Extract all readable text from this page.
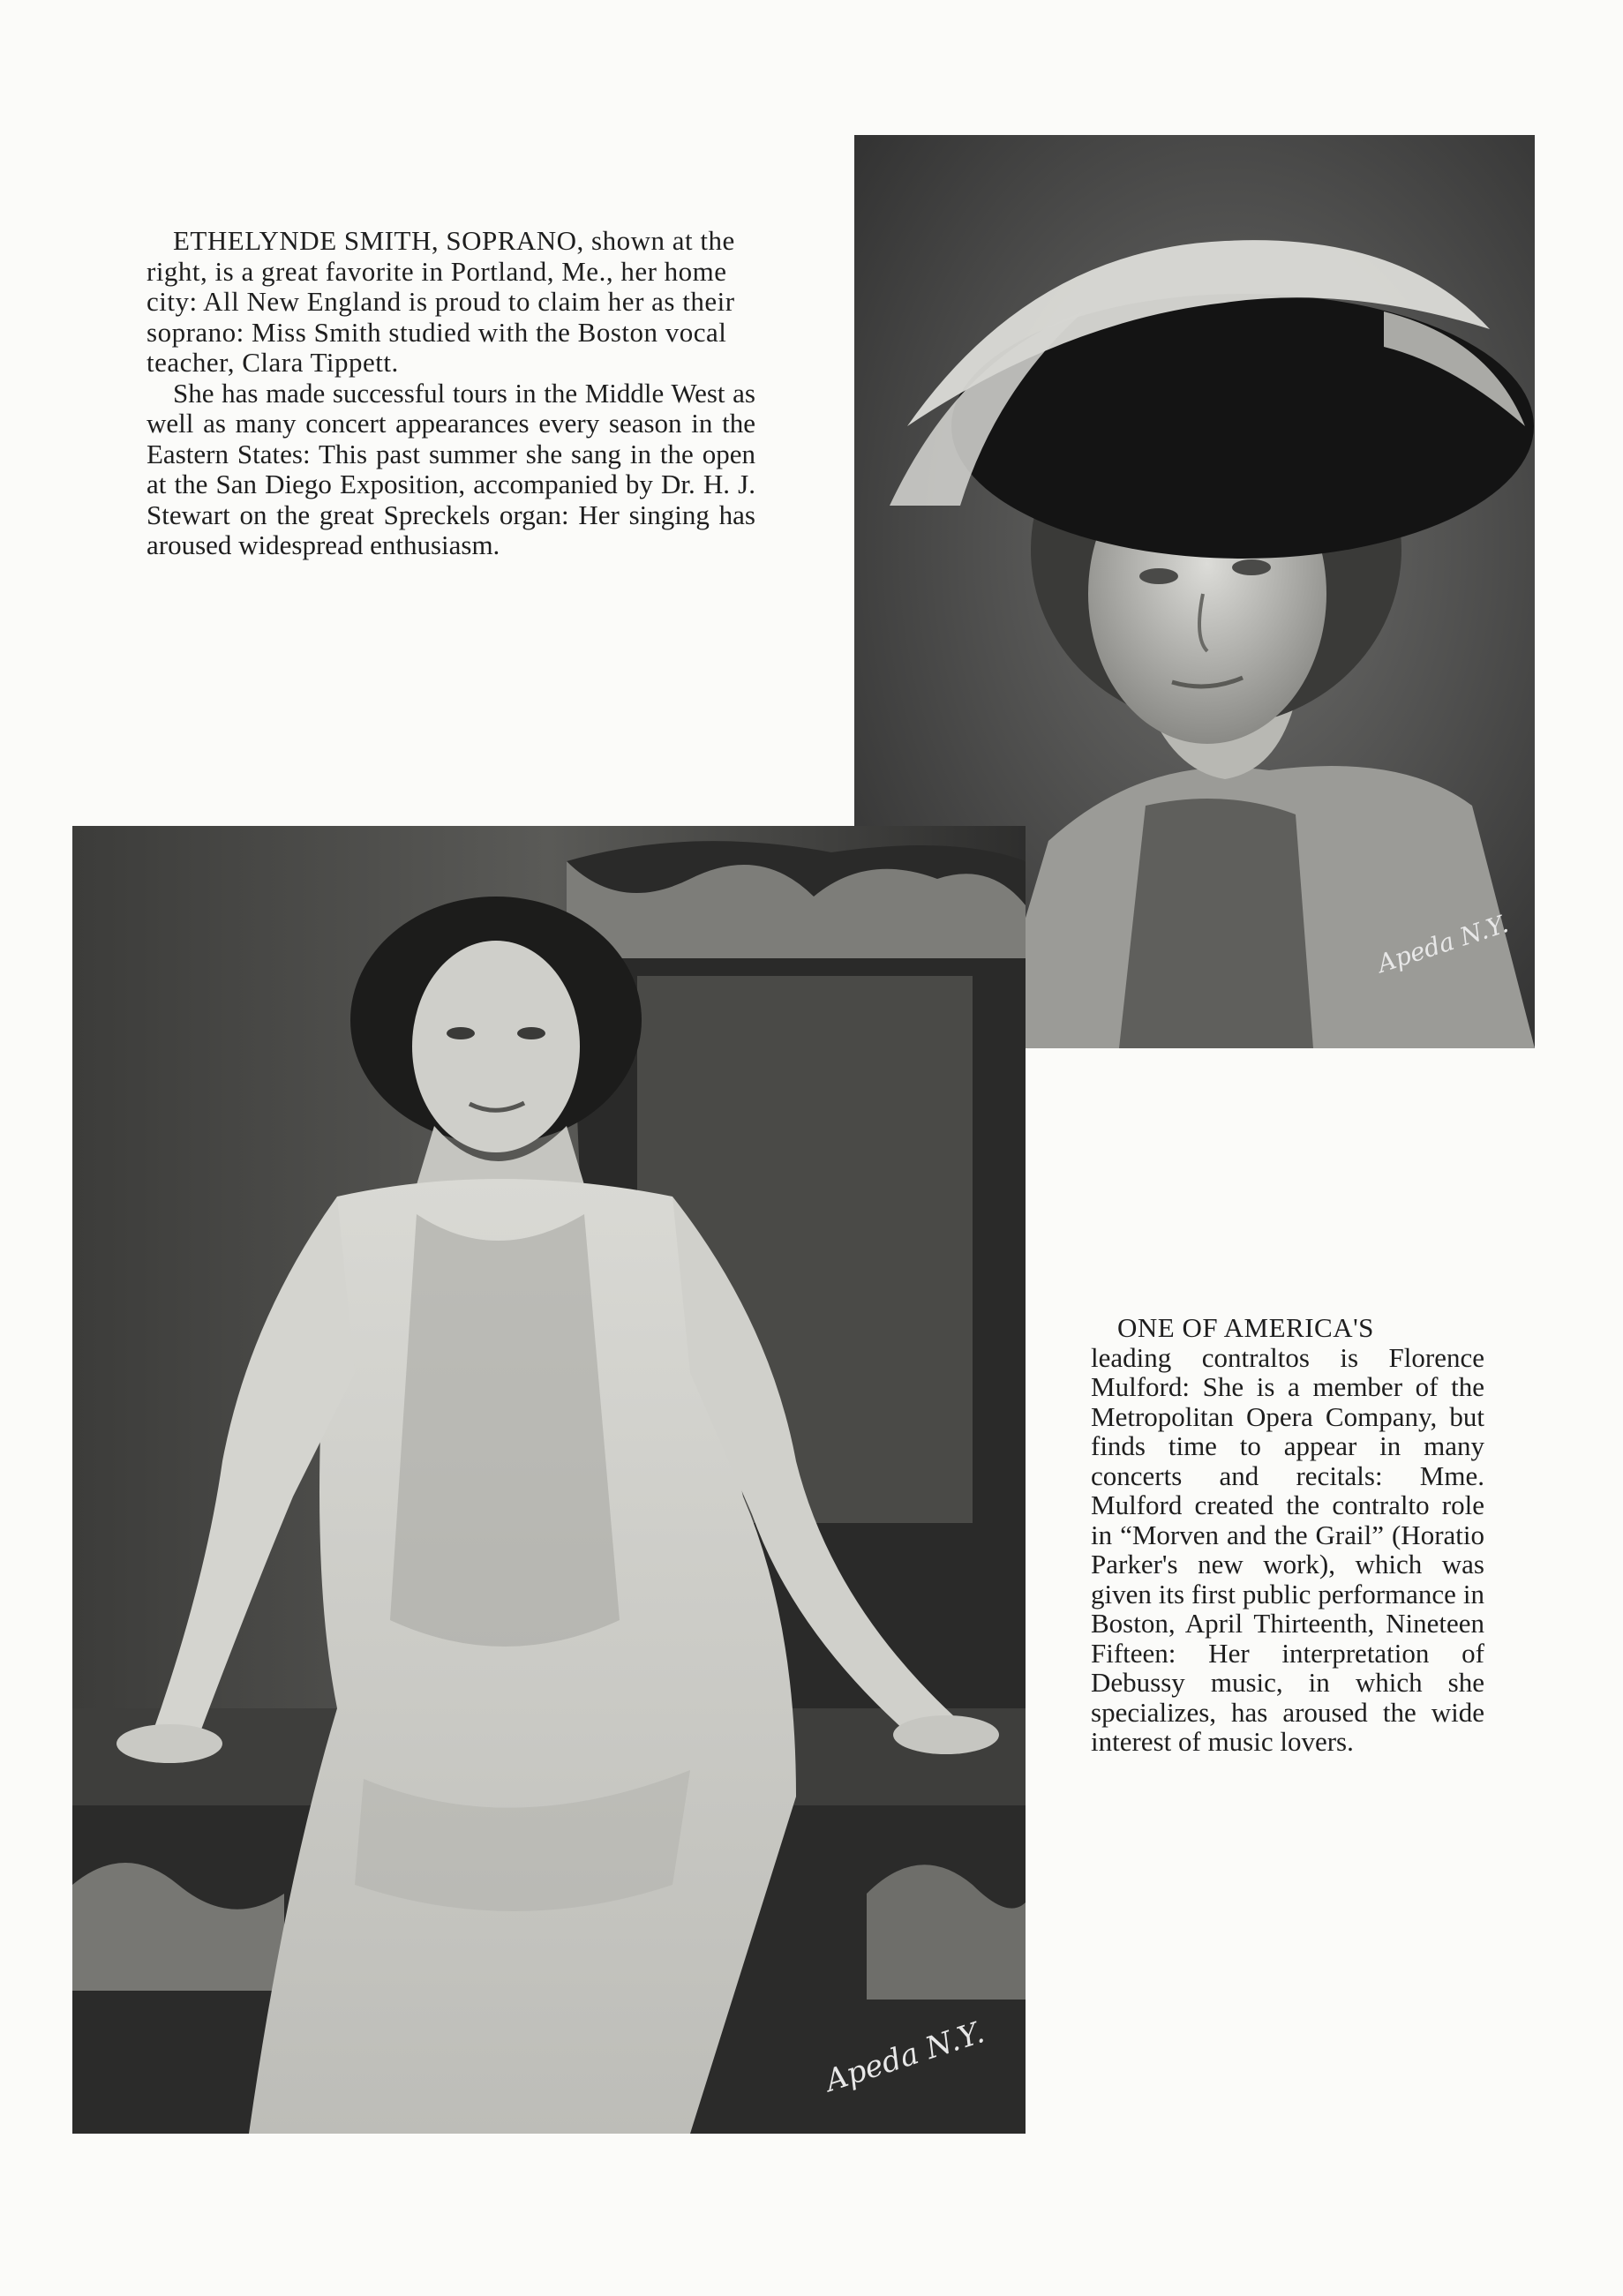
ETHELYNDE SMITH, SOPRANO, shown at the right, is a great favorite in Portland, Me., her home city: All New England is proud to claim her as their soprano: Miss Smith studied with the Boston vocal teacher, Clara Tippett.

She has made successful tours in the Middle West as well as many concert appearances every season in the Eastern States: This past summer she sang in the open at the San Diego Exposition, accompanied by Dr. H. J. Stewart on the great Spreckels organ: Her singing has aroused widespread enthusiasm.

Apeda N.Y.
Apeda N.Y.

ONE OF AMERICA'S

leading contraltos is Florence Mulford: She is a member of the Metropolitan Opera Company, but finds time to appear in many concerts and recitals: Mme. Mulford created the contralto role in “Morven and the Grail” (Horatio Parker's new work), which was given its first public performance in Boston, April Thirteenth, Nineteen Fifteen: Her interpretation of Debussy music, in which she specializes, has aroused the wide interest of music lovers.
